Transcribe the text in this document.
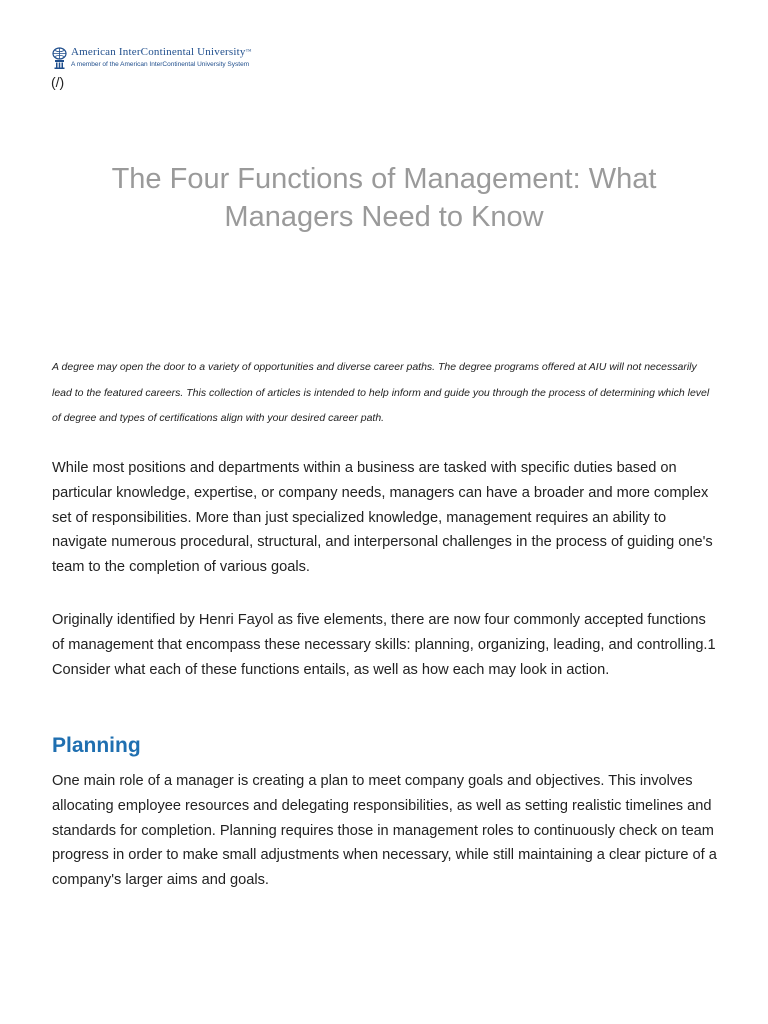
American InterContinental University™
A member of the American InterContinental University System
(/)
The Four Functions of Management: What Managers Need to Know

A degree may open the door to a variety of opportunities and diverse career paths. The degree programs offered at AIU will not necessarily lead to the featured careers. This collection of articles is intended to help inform and guide you through the process of determining which level of degree and types of certifications align with your desired career path.

While most positions and departments within a business are tasked with specific duties based on particular knowledge, expertise, or company needs, managers can have a broader and more complex set of responsibilities. More than just specialized knowledge, management requires an ability to navigate numerous procedural, structural, and interpersonal challenges in the process of guiding one's team to the completion of various goals.

Originally identified by Henri Fayol as five elements, there are now four commonly accepted functions of management that encompass these necessary skills: planning, organizing, leading, and controlling.1 Consider what each of these functions entails, as well as how each may look in action.

Planning

One main role of a manager is creating a plan to meet company goals and objectives. This involves allocating employee resources and delegating responsibilities, as well as setting realistic timelines and standards for completion. Planning requires those in management roles to continuously check on team progress in order to make small adjustments when necessary, while still maintaining a clear picture of a company's larger aims and goals.
